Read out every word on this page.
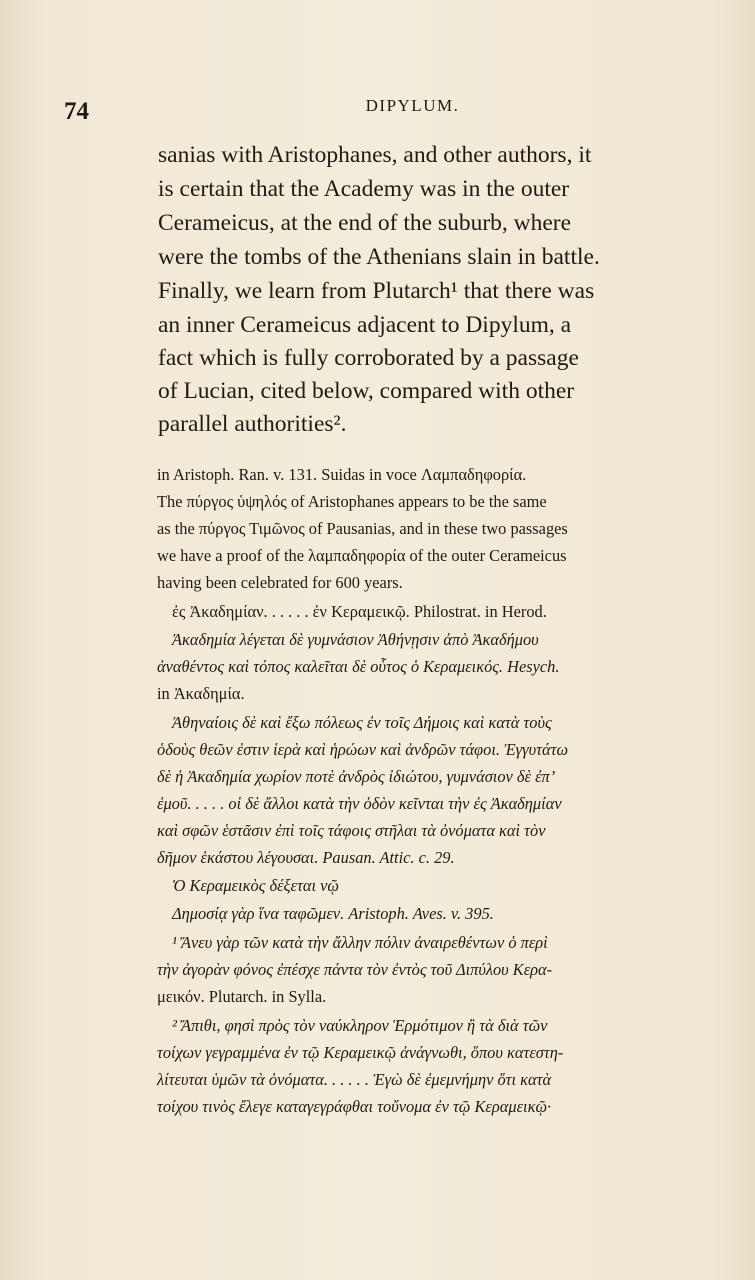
74	DIPYLUM.
sanias with Aristophanes, and other authors, it
is certain that the Academy was in the outer
Cerameicus, at the end of the suburb, where
were the tombs of the Athenians slain in battle.
Finally, we learn from Plutarch¹ that there was
an inner Cerameicus adjacent to Dipylum, a
fact which is fully corroborated by a passage
of Lucian, cited below, compared with other
parallel authorities².
in Aristoph. Ran. v. 131. Suidas in voce Λαμπαδηφορία.
The πύργος ὑψηλός of Aristophanes appears to be the same
as the πύργος Τιμῶνος of Pausanias, and in these two passages
we have a proof of the λαμπαδηφορία of the outer Cerameicus
having been celebrated for 600 years.
ἐς Ἀκαδημίαν. . . . . . ἐν Κεραμεικῷ. Philostrat. in Herod.
Ἀκαδημία λέγεται δὲ γυμνάσιον Ἀθήνῃσιν ἀπὸ Ἀκαδήμου
ἀναθέντος καὶ τόπος καλεῖται δὲ οὗτος ὁ Κεραμεικός. Hesych.
in Ἀκαδημία.
Ἀθηναίοις δὲ καὶ ἔξω πόλεως ἐν τοῖς Δήμοις καὶ κατὰ τοὺς
ὁδοὺς θεῶν ἐστιν ἱερὰ καὶ ἡρώων καὶ ἀνδρῶν τάφοι. Ἐγγυτάτω
δὲ ἡ Ἀκαδημία χωρίον ποτὲ ἀνδρὸς ἰδιώτου, γυμνάσιον δὲ ἐπ’
ἐμοῦ. . . . . οἱ δὲ ἄλλοι κατὰ τὴν ὁδὸν κεῖνται τὴν ἐς Ἀκαδημίαν
καὶ σφῶν ἑστᾶσιν ἐπὶ τοῖς τάφοις στῆλαι τὰ ὀνόματα καὶ τὸν
δῆμον ἑκάστου λέγουσαι. Pausan. Attic. c. 29.
Ὁ Κεραμεικὸς δέξεται νῷ
Δημοσίᾳ γὰρ ἵνα ταφῶμεν. Aristoph. Aves. v. 395.
¹ Ἄνευ γὰρ τῶν κατὰ τὴν ἄλλην πόλιν ἀναιρεθέντων ὁ περὶ
τὴν ἀγορὰν φόνος ἐπέσχε πάντα τὸν ἐντὸς τοῦ Διπύλου Κερα-
μεικόν. Plutarch. in Sylla.
² Ἄπιθι, φησὶ πρὸς τὸν ναύκληρον Ἑρμότιμον ἢ τὰ διὰ τῶν
τοίχων γεγραμμένα ἐν τῷ Κεραμεικῷ ἀνάγνωθι, ὅπου κατεστη-
λίτευται ὑμῶν τὰ ὀνόματα. . . . . . Ἐγὼ δὲ ἐμεμνήμην ὅτι κατὰ
τοίχου τινὸς ἔλεγε καταγεγράφθαι τοὔνομα ἐν τῷ Κεραμεικῷ·
